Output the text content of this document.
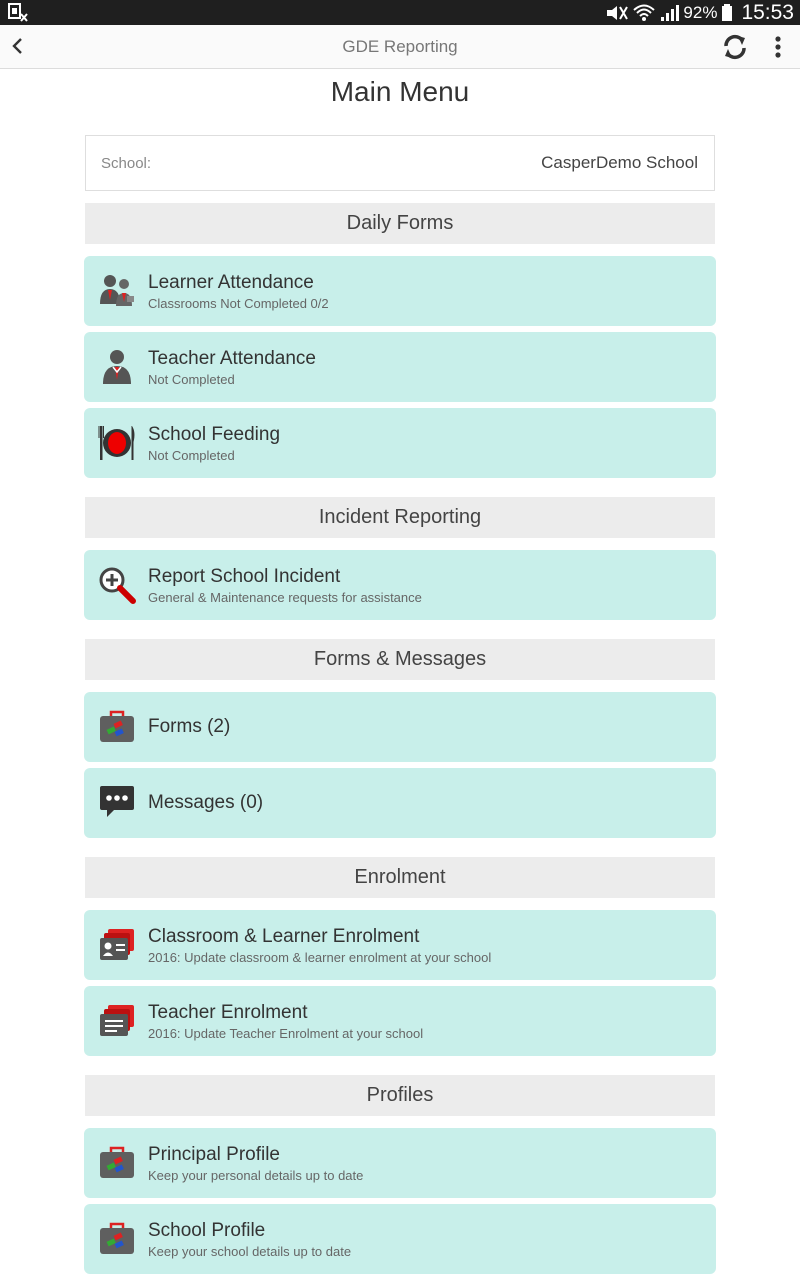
92% 15:53
GDE Reporting
Main Menu
School:	CasperDemo School
Daily Forms
Learner Attendance
Classrooms Not Completed 0/2
Teacher Attendance
Not Completed
School Feeding
Not Completed
Incident Reporting
Report School Incident
General & Maintenance requests for assistance
Forms & Messages
Forms (2)
Messages (0)
Enrolment
Classroom & Learner Enrolment
2016: Update classroom & learner enrolment at your school
Teacher Enrolment
2016: Update Teacher Enrolment at your school
Profiles
Principal Profile
Keep your personal details up to date
School Profile
Keep your school details up to date
